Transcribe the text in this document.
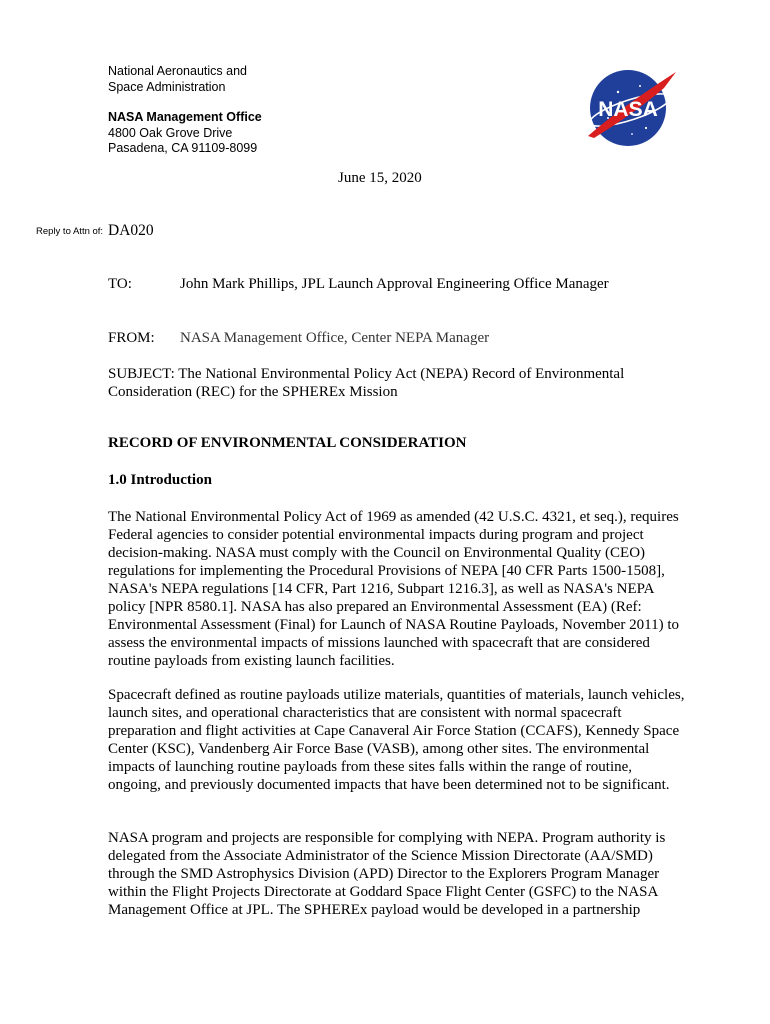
National Aeronautics and
Space Administration
NASA Management Office
4800 Oak Grove Drive
Pasadena, CA 91109-8099
NASA
June 15, 2020
Reply to Attn of: DA020
TO:	John Mark Phillips, JPL Launch Approval Engineering Office Manager
FROM: NASA Management Office, Center NEPA Manager
SUBJECT: The National Environmental Policy Act (NEPA) Record of Environmental
Consideration (REC) for the SPHEREx Mission
RECORD OF ENVIRONMENTAL CONSIDERATION
1.0 Introduction

The National Environmental Policy Act of 1969 as amended (42 U.S.C. 4321, et seq.), requires Federal agencies to consider potential environmental impacts during program and project decision-making. NASA must comply with the Council on Environmental Quality (CEO) regulations for implementing the Procedural Provisions of NEPA [40 CFR Parts 1500-1508], NASA's NEPA regulations [14 CFR, Part 1216, Subpart 1216.3], as well as NASA's NEPA policy [NPR 8580.1]. NASA has also prepared an Environmental Assessment (EA) (Ref: Environmental Assessment (Final) for Launch of NASA Routine Payloads, November 2011) to assess the environmental impacts of missions launched with spacecraft that are considered routine payloads from existing launch facilities.

Spacecraft defined as routine payloads utilize materials, quantities of materials, launch vehicles, launch sites, and operational characteristics that are consistent with normal spacecraft preparation and flight activities at Cape Canaveral Air Force Station (CCAFS), Kennedy Space Center (KSC), Vandenberg Air Force Base (VASB), among other sites. The environmental impacts of launching routine payloads from these sites falls within the range of routine, ongoing, and previously documented impacts that have been determined not to be significant.

NASA program and projects are responsible for complying with NEPA. Program authority is delegated from the Associate Administrator of the Science Mission Directorate (AA/SMD) through the SMD Astrophysics Division (APD) Director to the Explorers Program Manager within the Flight Projects Directorate at Goddard Space Flight Center (GSFC) to the NASA Management Office at JPL. The SPHEREx payload would be developed in a partnership
